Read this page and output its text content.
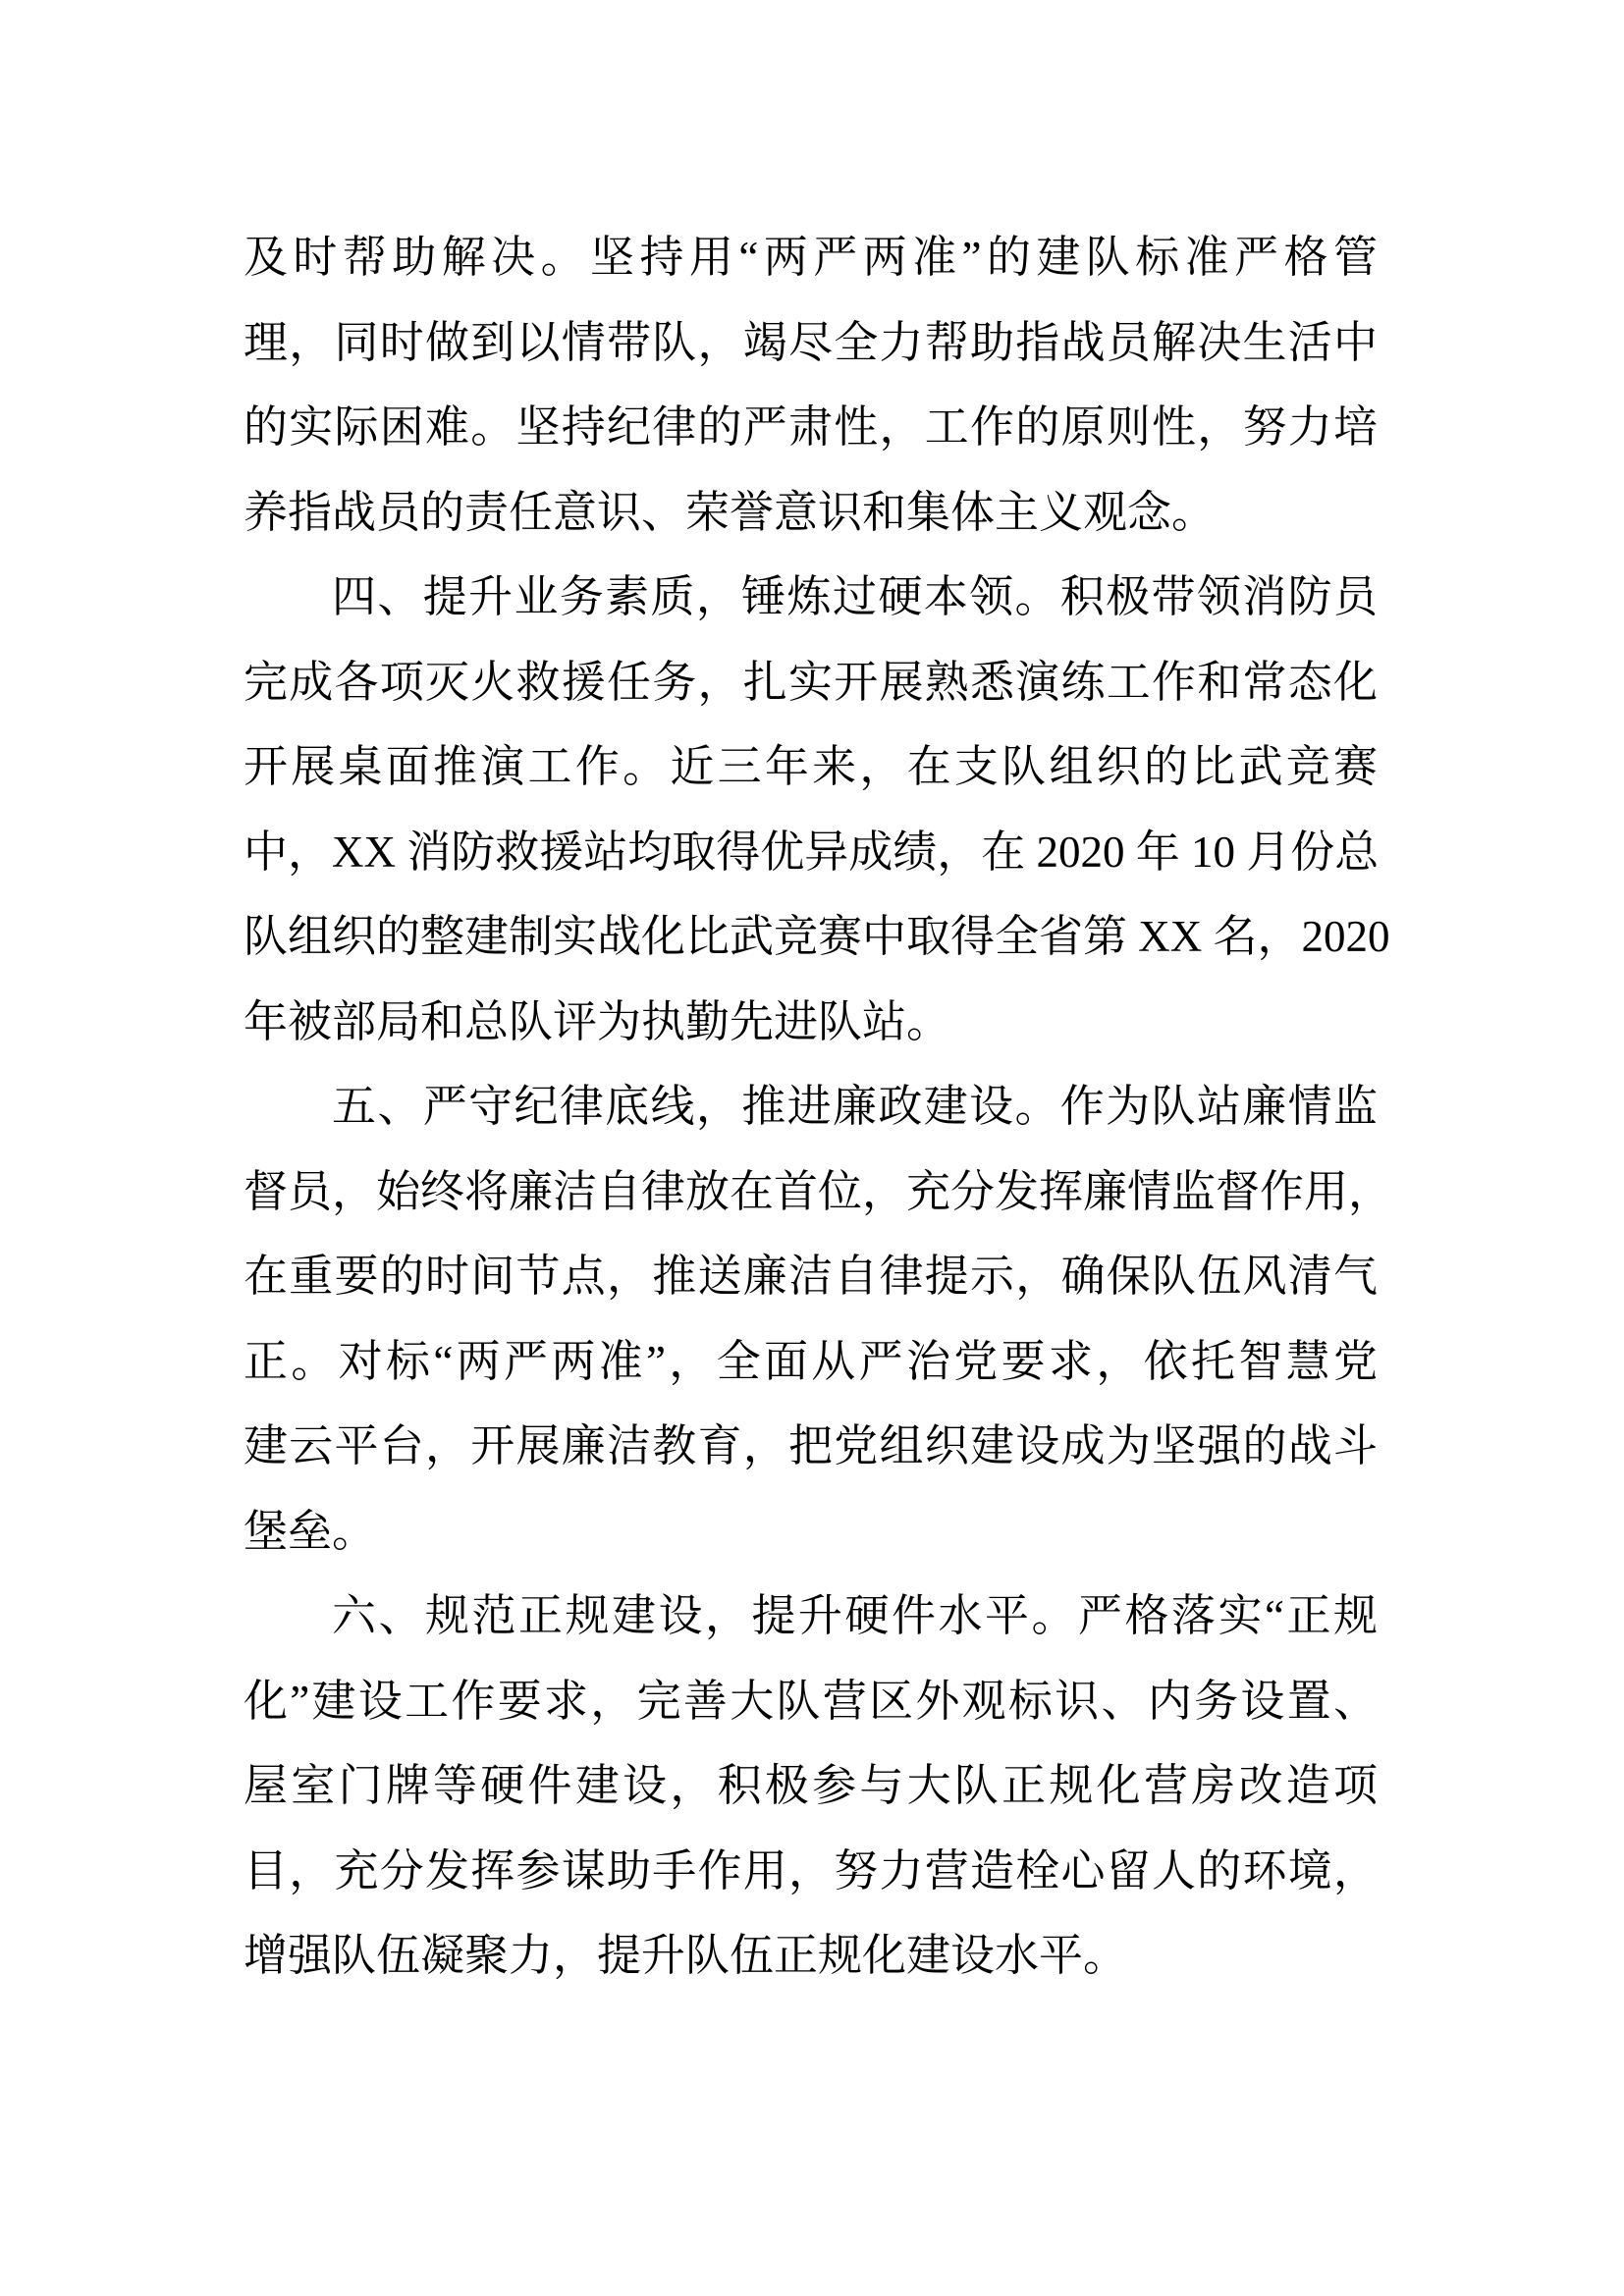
及时帮助解决。坚持用“两严两准”的建队标准严格管
理，同时做到以情带队，竭尽全力帮助指战员解决生活中
的实际困难。坚持纪律的严肃性，工作的原则性，努力培
养指战员的责任意识、荣誉意识和集体主义观念。
四、提升业务素质，锤炼过硬本领。积极带领消防员
完成各项灭火救援任务，扎实开展熟悉演练工作和常态化
开展桌面推演工作。近三年来，在支队组织的比武竞赛
中，XX 消防救援站均取得优异成绩，在 2020 年 10 月份总
队组织的整建制实战化比武竞赛中取得全省第 XX 名，2020
年被部局和总队评为执勤先进队站。
五、严守纪律底线，推进廉政建设。作为队站廉情监
督员，始终将廉洁自律放在首位，充分发挥廉情监督作用，
在重要的时间节点，推送廉洁自律提示，确保队伍风清气
正。对标“两严两准”，全面从严治党要求，依托智慧党
建云平台，开展廉洁教育，把党组织建设成为坚强的战斗
堡垒。
六、规范正规建设，提升硬件水平。严格落实“正规
化”建设工作要求，完善大队营区外观标识、内务设置、
屋室门牌等硬件建设，积极参与大队正规化营房改造项
目，充分发挥参谋助手作用，努力营造栓心留人的环境，
增强队伍凝聚力，提升队伍正规化建设水平。
